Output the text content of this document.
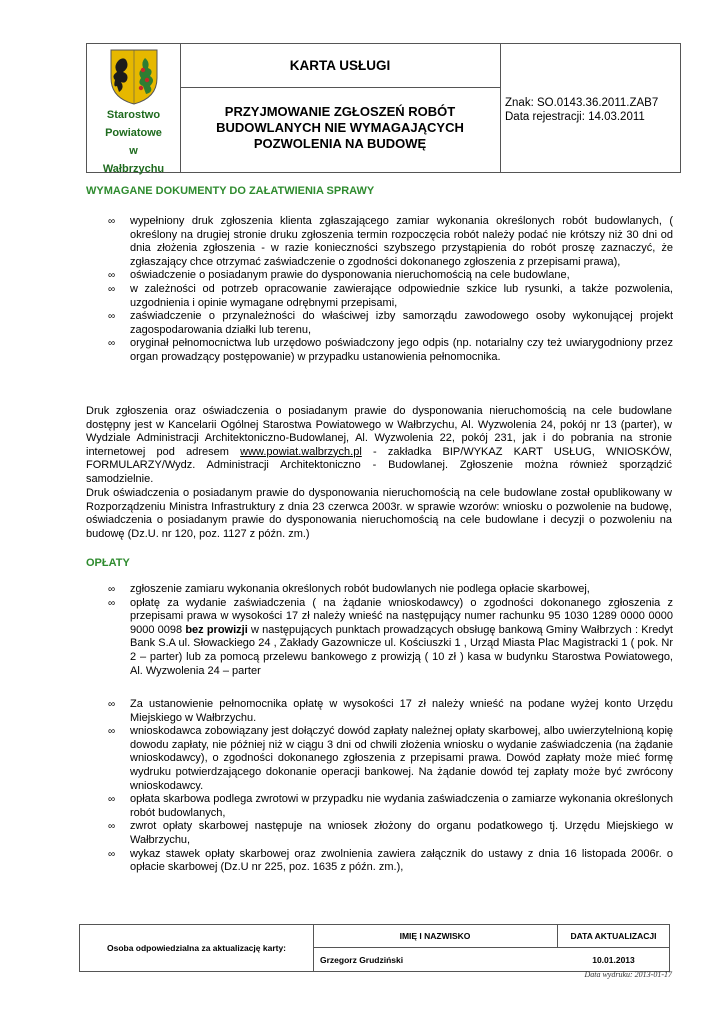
Starostwo
Powiatowe
w
Wałbrzychu
KARTA USŁUGI
PRZYJMOWANIE ZGŁOSZEŃ ROBÓT
BUDOWLANYCH NIE WYMAGAJĄCYCH
POZWOLENIA NA BUDOWĘ
Znak: SO.0143.36.2011.ZAB7
Data rejestracji: 14.03.2011
WYMAGANE DOKUMENTY DO ZAŁATWIENIA SPRAWY
∞ wypełniony druk zgłoszenia klienta zgłaszającego zamiar wykonania określonych robót budowlanych, ( określony na drugiej stronie druku zgłoszenia termin rozpoczęcia robót należy podać nie krótszy niż 30 dni od dnia złożenia zgłoszenia - w razie konieczności szybszego przystąpienia do robót proszę zaznaczyć, że zgłaszający chce otrzymać zaświadczenie o zgodności dokonanego zgłoszenia z przepisami prawa),
∞ oświadczenie o posiadanym prawie do dysponowania nieruchomością na cele budowlane,
∞ w zależności od potrzeb opracowanie zawierające odpowiednie szkice lub rysunki, a także pozwolenia, uzgodnienia i opinie wymagane odrębnymi przepisami,
∞ zaświadczenie o przynależności do właściwej izby samorządu zawodowego osoby wykonującej projekt zagospodarowania działki lub terenu,
∞ oryginał pełnomocnictwa lub urzędowo poświadczony jego odpis (np. notarialny czy też uwiarygodniony przez organ prowadzący postępowanie) w przypadku ustanowienia pełnomocnika.
Druk zgłoszenia oraz oświadczenia o posiadanym prawie do dysponowania nieruchomością na cele budowlane dostępny jest w Kancelarii Ogólnej Starostwa Powiatowego w Wałbrzychu, Al. Wyzwolenia 24, pokój nr 13 (parter), w Wydziale Administracji Architektoniczno-Budowlanej, Al. Wyzwolenia 22, pokój 231, jak i do pobrania na stronie internetowej pod adresem www.powiat.walbrzych.pl - zakładka BIP/WYKAZ KART USŁUG, WNIOSKÓW, FORMULARZY/Wydz. Administracji Architektoniczno - Budowlanej. Zgłoszenie można również sporządzić samodzielnie.
Druk oświadczenia o posiadanym prawie do dysponowania nieruchomością na cele budowlane został opublikowany w Rozporządzeniu Ministra Infrastruktury z dnia 23 czerwca 2003r. w sprawie wzorów: wniosku o pozwolenie na budowę, oświadczenia o posiadanym prawie do dysponowania nieruchomością na cele budowlane i decyzji o pozwoleniu na budowę (Dz.U. nr 120, poz. 1127 z późn. zm.)
OPŁATY
∞ zgłoszenie zamiaru wykonania określonych robót budowlanych nie podlega opłacie skarbowej,
∞ opłatę za wydanie zaświadczenia ( na żądanie wnioskodawcy) o zgodności dokonanego zgłoszenia z przepisami prawa w wysokości 17 zł należy wnieść na następujący numer rachunku 95 1030 1289 0000 0000 9000 0098 bez prowizji w następujących punktach prowadzących obsługę bankową Gminy Wałbrzych : Kredyt Bank S.A ul. Słowackiego 24 , Zakłady Gazownicze ul. Kościuszki 1 , Urząd Miasta Plac Magistracki 1 ( pok. Nr 2 – parter) lub za pomocą przelewu bankowego z prowizją ( 10 zł ) kasa w budynku Starostwa Powiatowego, Al. Wyzwolenia 24 – parter
∞ Za ustanowienie pełnomocnika opłatę w wysokości 17 zł należy wnieść na podane wyżej konto Urzędu Miejskiego w Wałbrzychu.
∞ wnioskodawca zobowiązany jest dołączyć dowód zapłaty należnej opłaty skarbowej, albo uwierzytelnioną kopię dowodu zapłaty, nie później niż w ciągu 3 dni od chwili złożenia wniosku o wydanie zaświadczenia (na żądanie wnioskodawcy), o zgodności dokonanego zgłoszenia z przepisami prawa. Dowód zapłaty może mieć formę wydruku potwierdzającego dokonanie operacji bankowej. Na żądanie dowód tej zapłaty może być zwrócony wnioskodawcy.
∞ opłata skarbowa podlega zwrotowi w przypadku nie wydania zaświadczenia o zamiarze wykonania określonych robót budowlanych,
∞ zwrot opłaty skarbowej następuje na wniosek złożony do organu podatkowego tj. Urzędu Miejskiego w Wałbrzychu,
∞ wykaz stawek opłaty skarbowej oraz zwolnienia zawiera załącznik do ustawy z dnia 16 listopada 2006r. o opłacie skarbowej (Dz.U nr 225, poz. 1635 z późn. zm.),
Osoba odpowiedzialna za aktualizację karty:
IMIĘ I NAZWISKO	DATA AKTUALIZACJI
Grzegorz Grudziński	10.01.2013
Data wydruku: 2013-01-17
